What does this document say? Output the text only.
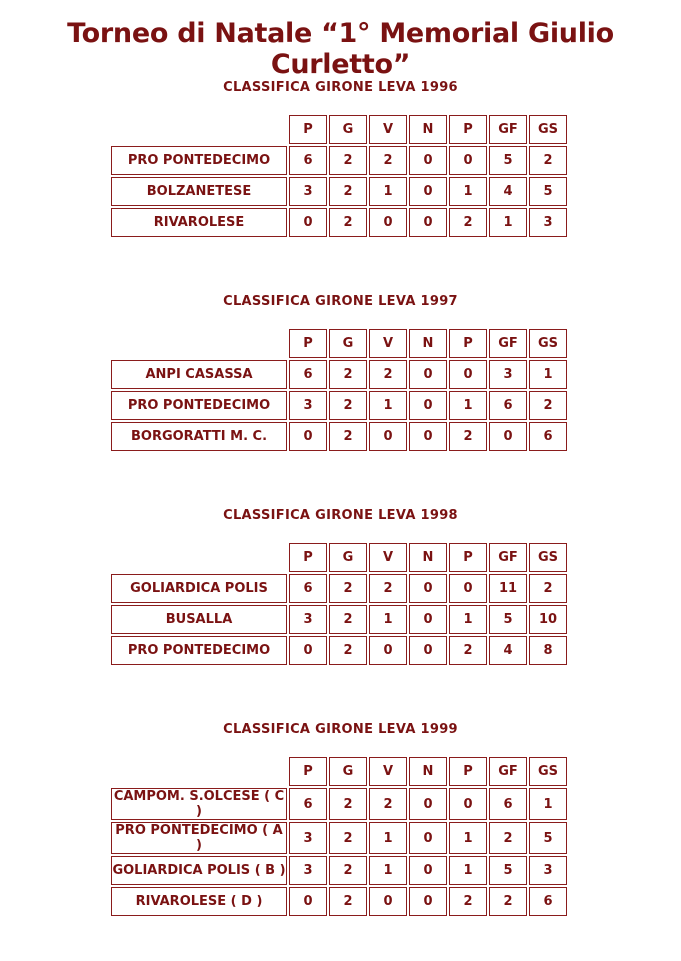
Torneo di Natale “1° Memorial Giulio Curletto”
CLASSIFICA GIRONE LEVA 1996
	P	G	V	N	P	GF	GS
PRO PONTEDECIMO	6	2	2	0	0	5	2
BOLZANETESE	3	2	1	0	1	4	5
RIVAROLESE	0	2	0	0	2	1	3
CLASSIFICA GIRONE LEVA 1997
	P	G	V	N	P	GF	GS
ANPI CASASSA	6	2	2	0	0	3	1
PRO PONTEDECIMO	3	2	1	0	1	6	2
BORGORATTI M. C.	0	2	0	0	2	0	6
CLASSIFICA GIRONE LEVA 1998
	P	G	V	N	P	GF	GS
GOLIARDICA POLIS	6	2	2	0	0	11	2
BUSALLA	3	2	1	0	1	5	10
PRO PONTEDECIMO	0	2	0	0	2	4	8
CLASSIFICA GIRONE LEVA 1999
	P	G	V	N	P	GF	GS
CAMPOM. S.OLCESE ( C )	6	2	2	0	0	6	1
PRO PONTEDECIMO ( A )	3	2	1	0	1	2	5
GOLIARDICA POLIS ( B )	3	2	1	0	1	5	3
RIVAROLESE ( D )	0	2	0	0	2	2	6
